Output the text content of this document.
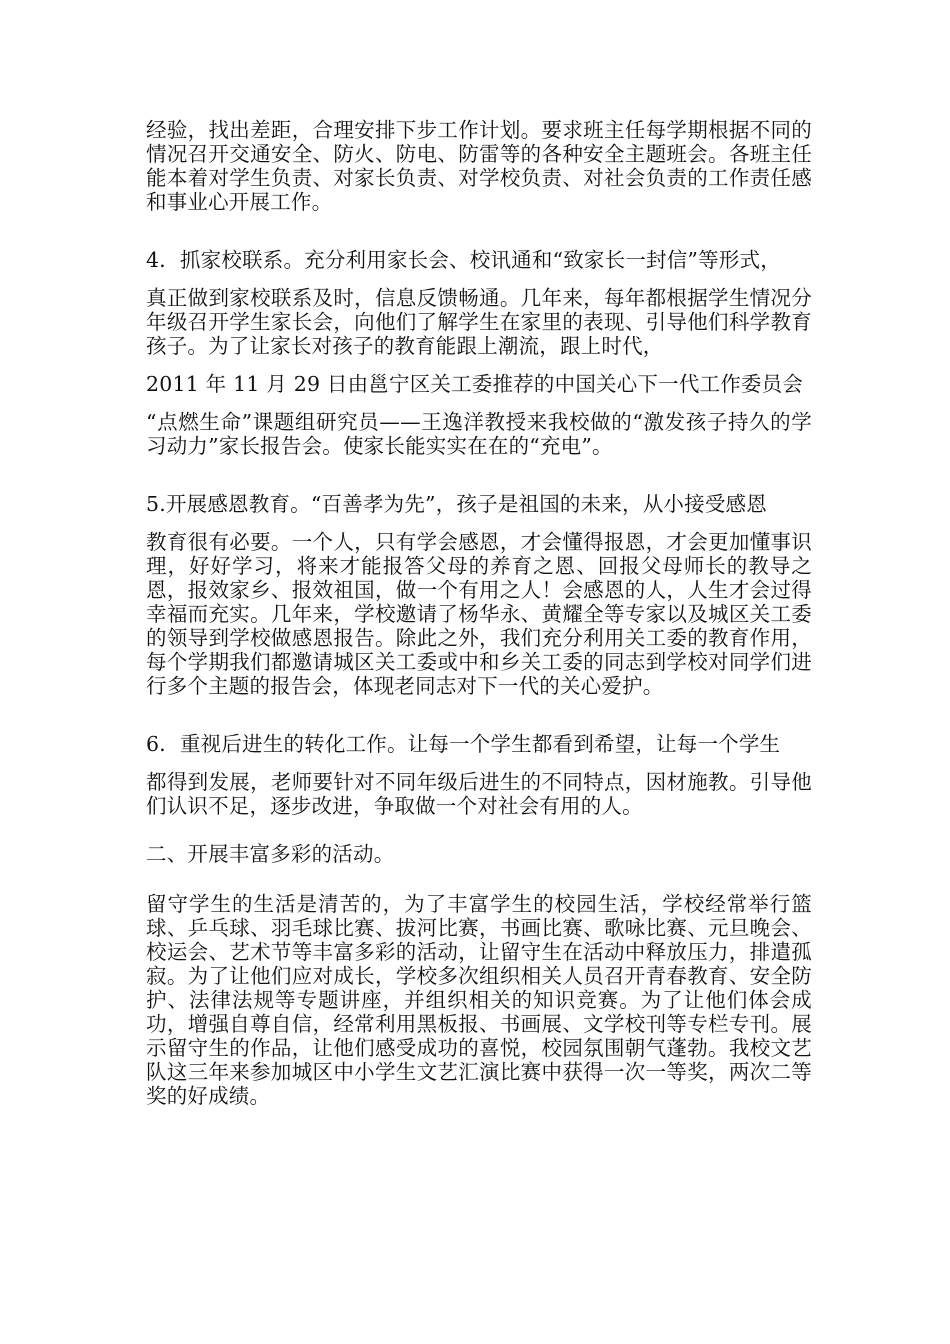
经验，找出差距，合理安排下步工作计划。要求班主任每学期根据不同的情况召开交通安全、防火、防电、防雷等的各种安全主题班会。各班主任能本着对学生负责、对家长负责、对学校负责、对社会负责的工作责任感和事业心开展工作。

4．抓家校联系。充分利用家长会、校讯通和“致家长一封信”等形式，

真正做到家校联系及时，信息反馈畅通。几年来，每年都根据学生情况分年级召开学生家长会，向他们了解学生在家里的表现、引导他们科学教育孩子。为了让家长对孩子的教育能跟上潮流，跟上时代，

2011 年 11 月 29 日由邕宁区关工委推荐的中国关心下一代工作委员会

“点燃生命”课题组研究员——王逸洋教授来我校做的“激发孩子持久的学习动力”家长报告会。使家长能实实在在的“充电”。

5.开展感恩教育。“百善孝为先”，孩子是祖国的未来，从小接受感恩

教育很有必要。一个人，只有学会感恩，才会懂得报恩，才会更加懂事识理，好好学习，将来才能报答父母的养育之恩、回报父母师长的教导之恩，报效家乡、报效祖国，做一个有用之人！会感恩的人，人生才会过得幸福而充实。几年来，学校邀请了杨华永、黄耀全等专家以及城区关工委的领导到学校做感恩报告。除此之外，我们充分利用关工委的教育作用，每个学期我们都邀请城区关工委或中和乡关工委的同志到学校对同学们进行多个主题的报告会，体现老同志对下一代的关心爱护。

6．重视后进生的转化工作。让每一个学生都看到希望，让每一个学生

都得到发展，老师要针对不同年级后进生的不同特点，因材施教。引导他们认识不足，逐步改进，争取做一个对社会有用的人。

二、开展丰富多彩的活动。

留守学生的生活是清苦的，为了丰富学生的校园生活，学校经常举行篮球、乒乓球、羽毛球比赛、拔河比赛，书画比赛、歌咏比赛、元旦晚会、校运会、艺术节等丰富多彩的活动，让留守生在活动中释放压力，排遣孤寂。为了让他们应对成长，学校多次组织相关人员召开青春教育、安全防护、法律法规等专题讲座，并组织相关的知识竞赛。为了让他们体会成功，增强自尊自信，经常利用黑板报、书画展、文学校刊等专栏专刊。展示留守生的作品，让他们感受成功的喜悦，校园氛围朝气蓬勃。我校文艺队这三年来参加城区中小学生文艺汇演比赛中获得一次一等奖，两次二等奖的好成绩。
